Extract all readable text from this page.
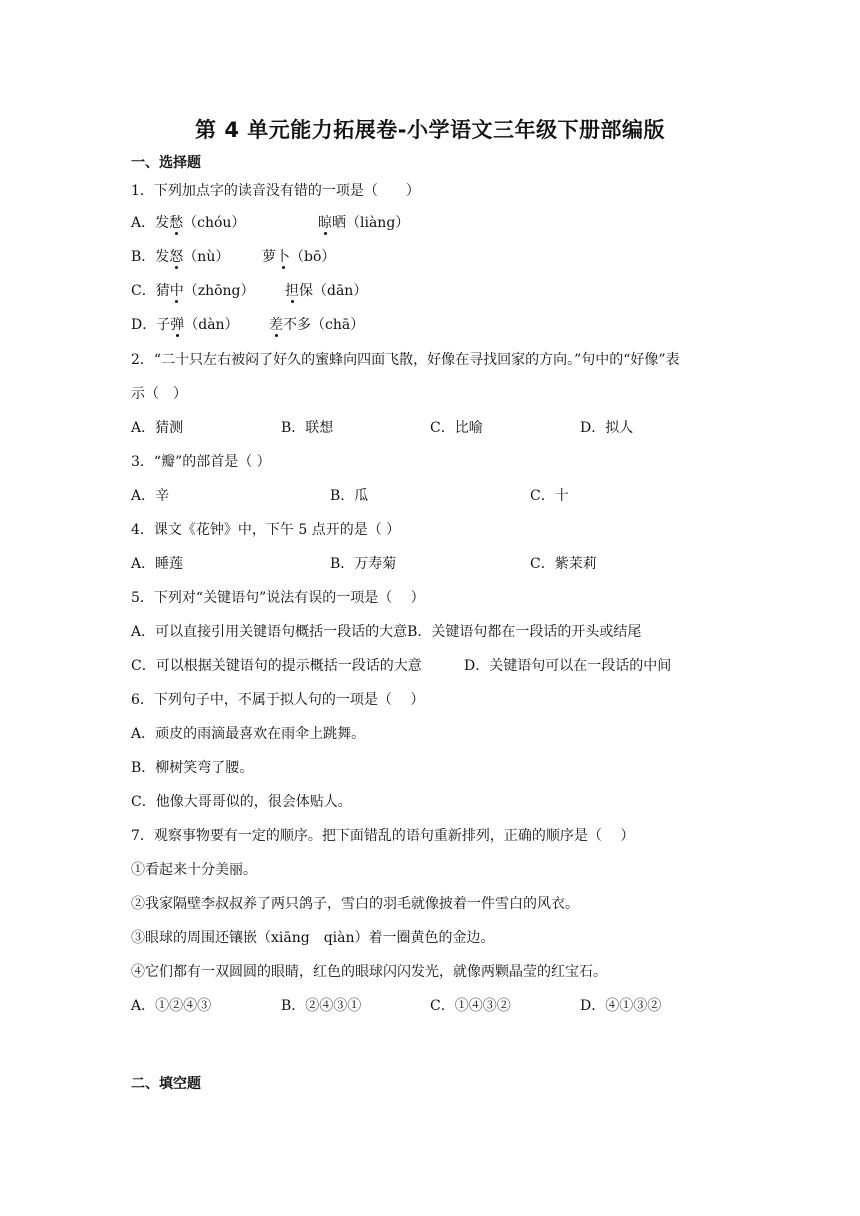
第 4 单元能力拓展卷-小学语文三年级下册部编版
一、选择题
1．下列加点字的读音没有错的一项是（　　）
A．发愁（chóu）	晾晒（liàng）
B．发怒（nù） 萝卜（bō）
C．猜中（zhōng） 担保（dān）
D．子弹（dàn） 差不多（chā）
2．“二十只左右被闷了好久的蜜蜂向四面飞散，好像在寻找回家的方向。”句中的“好像”表
示（　）
A．猜测	B．联想	C．比喻	D．拟人
3．“瓣”的部首是（ ）
A．辛	B．瓜	C．十
4．课文《花钟》中，下午 5 点开的是（ ）
A．睡莲	B．万寿菊	C．紫茉莉
5．下列对“关键语句”说法有误的一项是（　 ）
A．可以直接引用关键语句概括一段话的大意B．关键语句都在一段话的开头或结尾
C．可以根据关键语句的提示概括一段话的大意	D．关键语句可以在一段话的中间
6．下列句子中，不属于拟人句的一项是（　 ）
A．顽皮的雨滴最喜欢在雨伞上跳舞。
B．柳树笑弯了腰。
C．他像大哥哥似的，很会体贴人。
7．观察事物要有一定的顺序。把下面错乱的语句重新排列，正确的顺序是（　 ）
①看起来十分美丽。
②我家隔壁李叔叔养了两只鸽子，雪白的羽毛就像披着一件雪白的风衣。
③眼球的周围还镶嵌（xiāng　qiàn）着一圈黄色的金边。
④它们都有一双圆圆的眼睛，红色的眼球闪闪发光，就像两颗晶莹的红宝石。
A．①②④③	B．②④③①	C．①④③②	D．④①③②
二、填空题
